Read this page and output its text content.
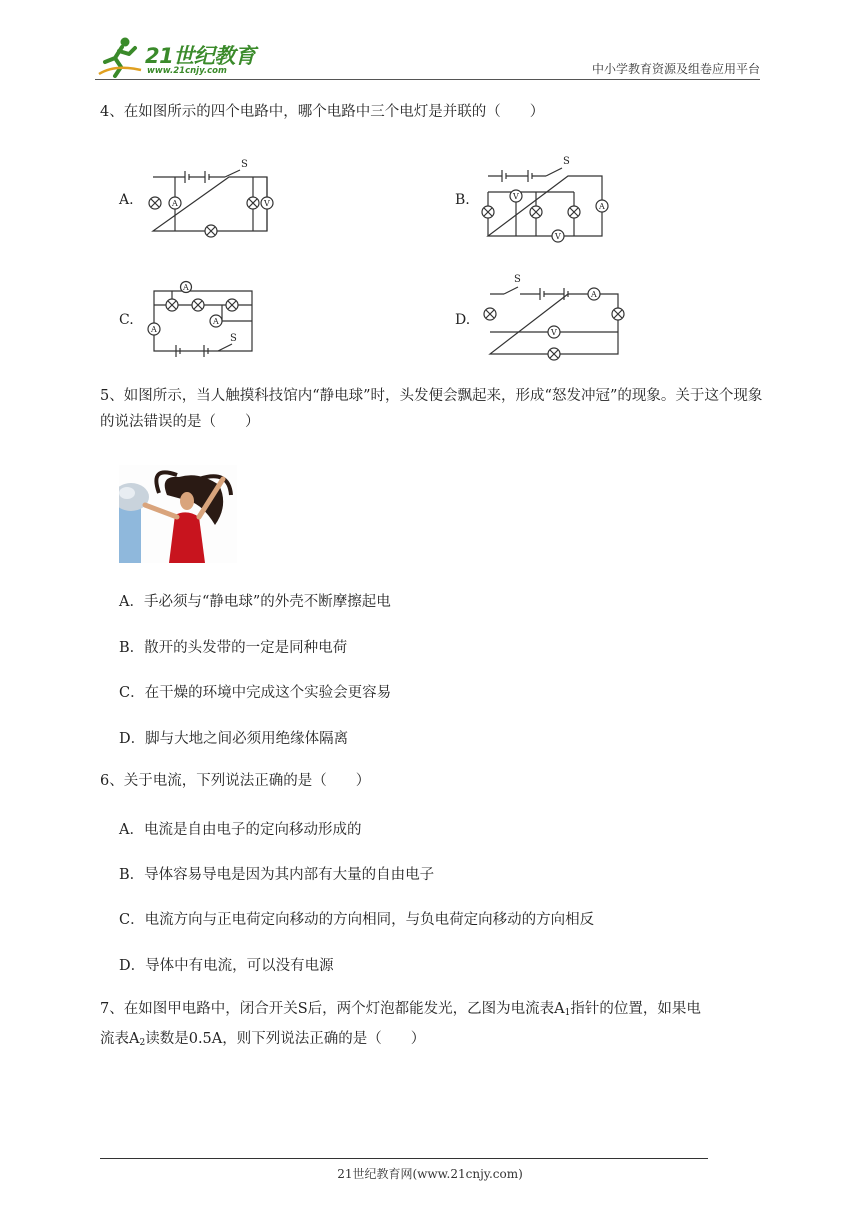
21世纪教育
www.21cnjy.com	中小学教育资源及组卷应用平台
4、在如图所示的四个电路中，哪个电路中三个电灯是并联的（　　）
A.	B.
C.	D.
S
A	V
S
V
A
V
A
A
A
S
S
A
V
5、如图所示，当人触摸科技馆内“静电球”时，头发便会飘起来，形成“怒发冲冠”的现象。关于这个现象的说法错误的是（　　）
A．手必须与“静电球”的外壳不断摩擦起电
B．散开的头发带的一定是同种电荷
C．在干燥的环境中完成这个实验会更容易
D．脚与大地之间必须用绝缘体隔离
6、关于电流，下列说法正确的是（　　）
A．电流是自由电子的定向移动形成的
B．导体容易导电是因为其内部有大量的自由电子
C．电流方向与正电荷定向移动的方向相同，与负电荷定向移动的方向相反
D．导体中有电流，可以没有电源
7、在如图甲电路中，闭合开关S后，两个灯泡都能发光，乙图为电流表$A_1$指针的位置，如果电
流表$A_2$读数是0.5A，则下列说法正确的是（　　）
21世纪教育网(www.21cnjy.com)
